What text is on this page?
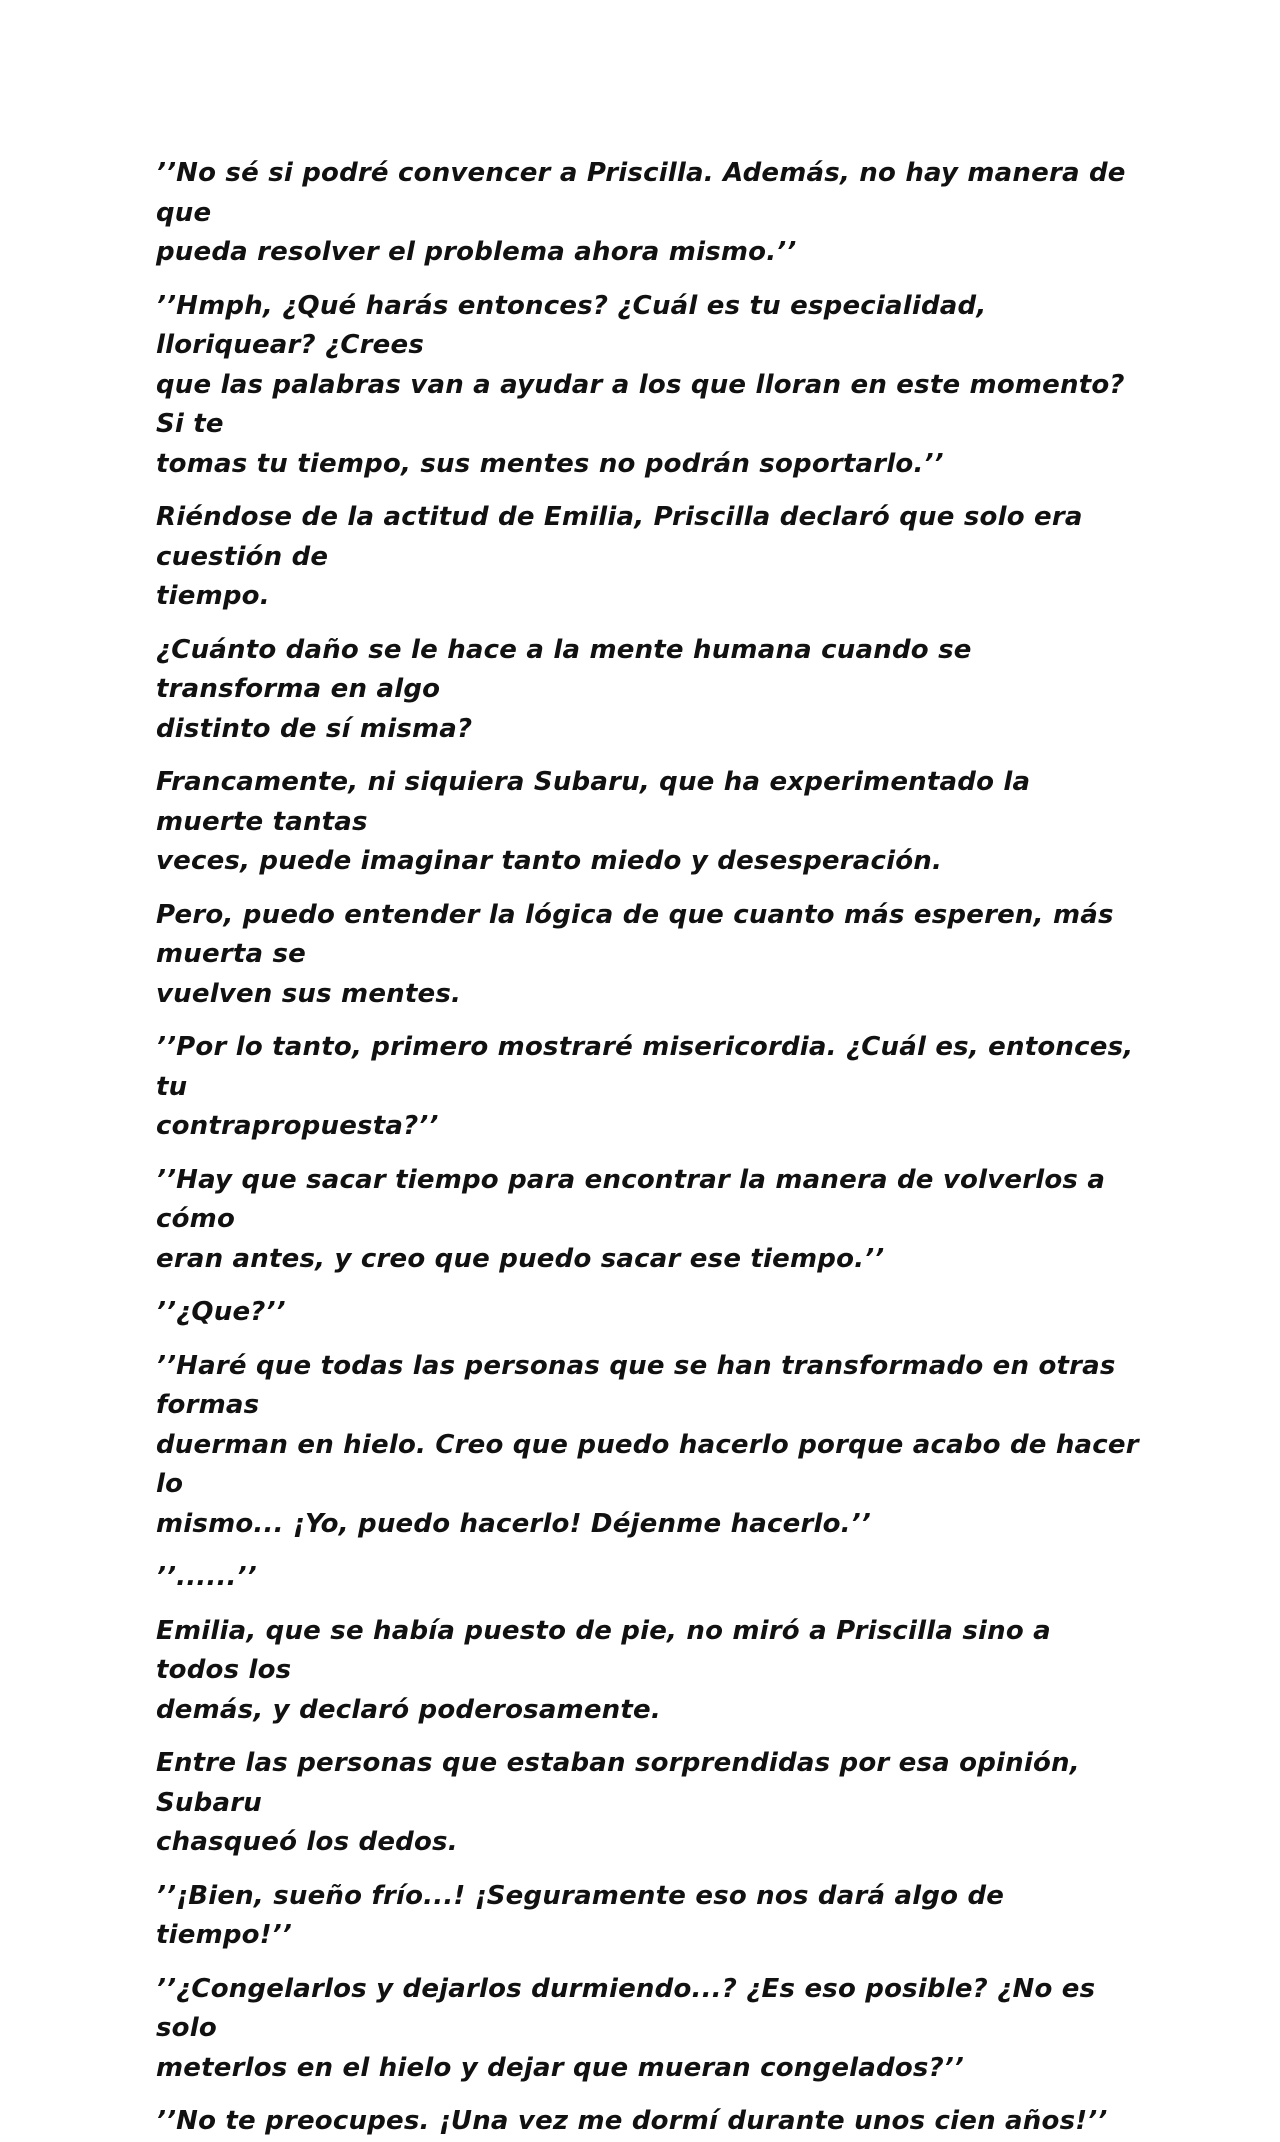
’’No sé si podré convencer a Priscilla. Además, no hay manera de que
pueda resolver el problema ahora mismo.’’

’’Hmph, ¿Qué harás entonces? ¿Cuál es tu especialidad, lloriquear? ¿Crees
que las palabras van a ayudar a los que lloran en este momento? Si te
tomas tu tiempo, sus mentes no podrán soportarlo.’’

Riéndose de la actitud de Emilia, Priscilla declaró que solo era cuestión de
tiempo.

¿Cuánto daño se le hace a la mente humana cuando se transforma en algo
distinto de sí misma?

Francamente, ni siquiera Subaru, que ha experimentado la muerte tantas
veces, puede imaginar tanto miedo y desesperación.

Pero, puedo entender la lógica de que cuanto más esperen, más muerta se
vuelven sus mentes.

’’Por lo tanto, primero mostraré misericordia. ¿Cuál es, entonces, tu
contrapropuesta?’’

’’Hay que sacar tiempo para encontrar la manera de volverlos a cómo
eran antes, y creo que puedo sacar ese tiempo.’’

’’¿Que?’’

’’Haré que todas las personas que se han transformado en otras formas
duerman en hielo. Creo que puedo hacerlo porque acabo de hacer lo
mismo... ¡Yo, puedo hacerlo! Déjenme hacerlo.’’

’’......’’

Emilia, que se había puesto de pie, no miró a Priscilla sino a todos los
demás, y declaró poderosamente.

Entre las personas que estaban sorprendidas por esa opinión, Subaru
chasqueó los dedos.

’’¡Bien, sueño frío...! ¡Seguramente eso nos dará algo de tiempo!’’

’’¿Congelarlos y dejarlos durmiendo...? ¿Es eso posible? ¿No es solo
meterlos en el hielo y dejar que mueran congelados?’’

’’No te preocupes. ¡Una vez me dormí durante unos cien años!’’
